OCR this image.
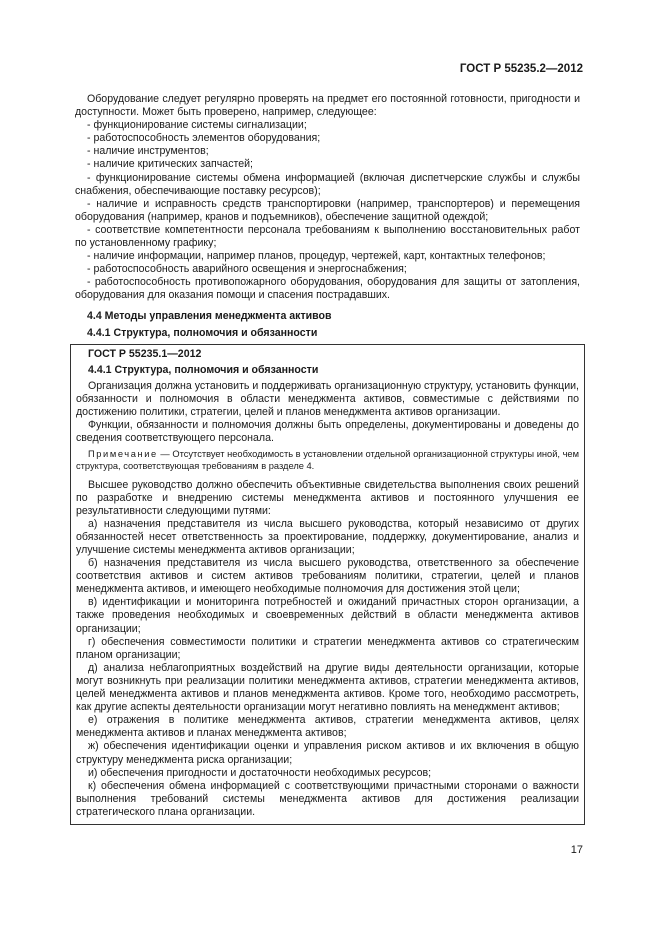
ГОСТ Р 55235.2—2012

Оборудование следует регулярно проверять на предмет его постоянной готовности, пригодности и доступности. Может быть проверено, например, следующее:

- функционирование системы сигнализации;

- работоспособность элементов оборудования;

- наличие инструментов;

- наличие критических запчастей;

- функционирование системы обмена информацией (включая диспетчерские службы и службы снабжения, обеспечивающие поставку ресурсов);

- наличие и исправность средств транспортировки (например, транспортеров) и перемещения оборудования (например, кранов и подъемников), обеспечение защитной одеждой;

- соответствие компетентности персонала требованиям к выполнению восстановительных работ по установленному графику;

- наличие информации, например планов, процедур, чертежей, карт, контактных телефонов;

- работоспособность аварийного освещения и энергоснабжения;

- работоспособность противопожарного оборудования, оборудования для защиты от затопления, оборудования для оказания помощи и спасения пострадавших.

4.4 Методы управления менеджмента активов

4.4.1 Структура, полномочия и обязанности

ГОСТ Р 55235.1—2012

4.4.1 Структура, полномочия и обязанности

Организация должна установить и поддерживать организационную структуру, установить функции, обязанности и полномочия в области менеджмента активов, совместимые с действиями по достижению политики, стратегии, целей и планов менеджмента активов организации.

Функции, обязанности и полномочия должны быть определены, документированы и доведены до сведения соответствующего персонала.

Примечание — Отсутствует необходимость в установлении отдельной организационной структуры иной, чем структура, соответствующая требованиям в разделе 4.

Высшее руководство должно обеспечить объективные свидетельства выполнения своих решений по разработке и внедрению системы менеджмента активов и постоянного улучшения ее результативности следующими путями:

а) назначения представителя из числа высшего руководства, который независимо от других обязанностей несет ответственность за проектирование, поддержку, документирование, анализ и улучшение системы менеджмента активов организации;

б) назначения представителя из числа высшего руководства, ответственного за обеспечение соответствия активов и систем активов требованиям политики, стратегии, целей и планов менеджмента активов, и имеющего необходимые полномочия для достижения этой цели;

в) идентификации и мониторинга потребностей и ожиданий причастных сторон организации, а также проведения необходимых и своевременных действий в области менеджмента активов организации;

г) обеспечения совместимости политики и стратегии менеджмента активов со стратегическим планом организации;

д) анализа неблагоприятных воздействий на другие виды деятельности организации, которые могут возникнуть при реализации политики менеджмента активов, стратегии менеджмента активов, целей менеджмента активов и планов менеджмента активов. Кроме того, необходимо рассмотреть, как другие аспекты деятельности организации могут негативно повлиять на менеджмент активов;

е) отражения в политике менеджмента активов, стратегии менеджмента активов, целях менеджмента активов и планах менеджмента активов;

ж) обеспечения идентификации оценки и управления риском активов и их включения в общую структуру менеджмента риска организации;

и) обеспечения пригодности и достаточности необходимых ресурсов;

к) обеспечения обмена информацией с соответствующими причастными сторонами о важности выполнения требований системы менеджмента активов для достижения реализации стратегического плана организации.

17
